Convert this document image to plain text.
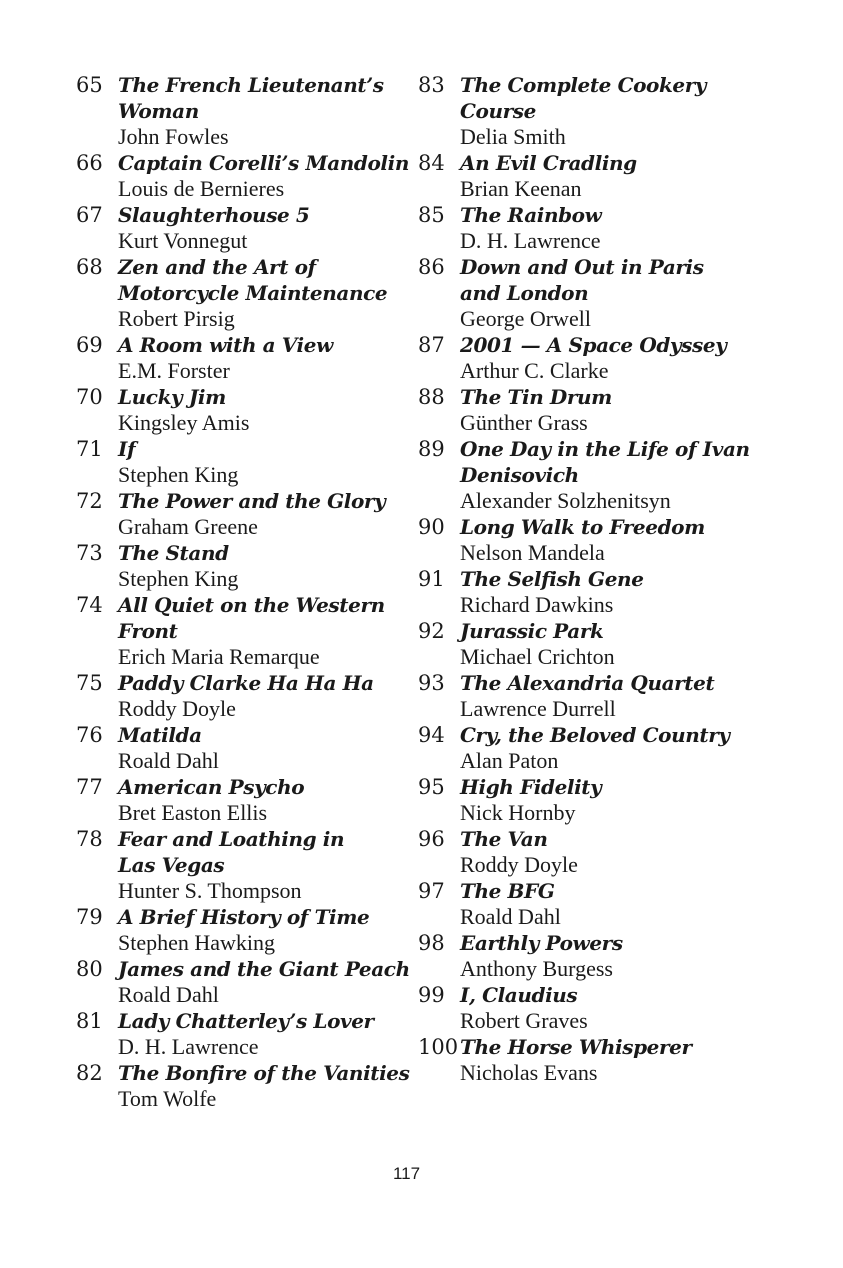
65 The French Lieutenant’s
Woman
John Fowles
66 Captain Corelli’s Mandolin
Louis de Bernieres
67 Slaughterhouse 5
Kurt Vonnegut
68 Zen and the Art of
Motorcycle Maintenance
Robert Pirsig
69 A Room with a View
E.M. Forster
70 Lucky Jim
Kingsley Amis
71 If
Stephen King
72 The Power and the Glory
Graham Greene
73 The Stand
Stephen King
74 All Quiet on the Western
Front
Erich Maria Remarque
75 Paddy Clarke Ha Ha Ha
Roddy Doyle
76 Matilda
Roald Dahl
77 American Psycho
Bret Easton Ellis
78 Fear and Loathing in
Las Vegas
Hunter S. Thompson
79 A Brief History of Time
Stephen Hawking
80 James and the Giant Peach
Roald Dahl
81 Lady Chatterley’s Lover
D. H. Lawrence
82 The Bonfire of the Vanities
Tom Wolfe
83 The Complete Cookery
Course
Delia Smith
84 An Evil Cradling
Brian Keenan
85 The Rainbow
D. H. Lawrence
86 Down and Out in Paris
and London
George Orwell
87 2001 — A Space Odyssey
Arthur C. Clarke
88 The Tin Drum
Günther Grass
89 One Day in the Life of Ivan
Denisovich
Alexander Solzhenitsyn
90 Long Walk to Freedom
Nelson Mandela
91 The Selfish Gene
Richard Dawkins
92 Jurassic Park
Michael Crichton
93 The Alexandria Quartet
Lawrence Durrell
94 Cry, the Beloved Country
Alan Paton
95 High Fidelity
Nick Hornby
96 The Van
Roddy Doyle
97 The BFG
Roald Dahl
98 Earthly Powers
Anthony Burgess
99 I, Claudius
Robert Graves
100 The Horse Whisperer
Nicholas Evans
117
